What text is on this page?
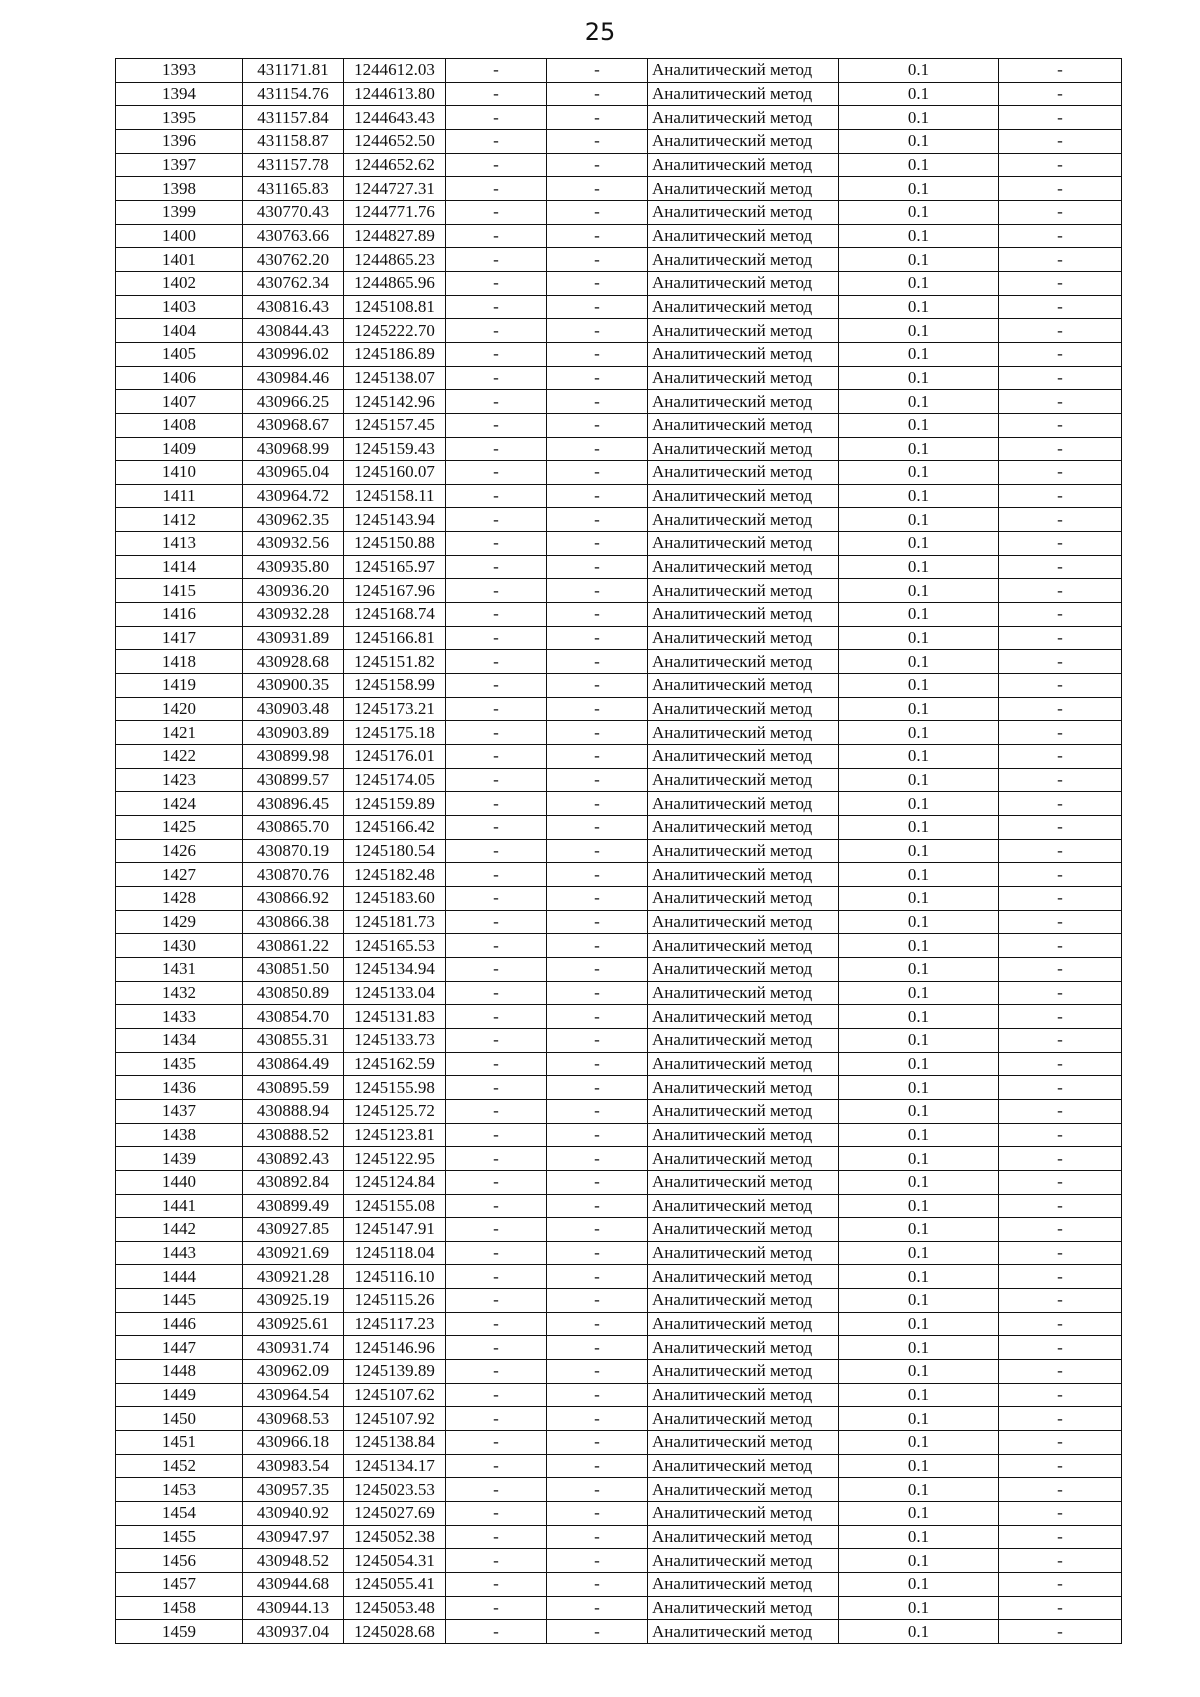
25
1393	431171.81	1244612.03	-	-	Аналитический метод	0.1	-
1394	431154.76	1244613.80	-	-	Аналитический метод	0.1	-
1395	431157.84	1244643.43	-	-	Аналитический метод	0.1	-
1396	431158.87	1244652.50	-	-	Аналитический метод	0.1	-
1397	431157.78	1244652.62	-	-	Аналитический метод	0.1	-
1398	431165.83	1244727.31	-	-	Аналитический метод	0.1	-
1399	430770.43	1244771.76	-	-	Аналитический метод	0.1	-
1400	430763.66	1244827.89	-	-	Аналитический метод	0.1	-
1401	430762.20	1244865.23	-	-	Аналитический метод	0.1	-
1402	430762.34	1244865.96	-	-	Аналитический метод	0.1	-
1403	430816.43	1245108.81	-	-	Аналитический метод	0.1	-
1404	430844.43	1245222.70	-	-	Аналитический метод	0.1	-
1405	430996.02	1245186.89	-	-	Аналитический метод	0.1	-
1406	430984.46	1245138.07	-	-	Аналитический метод	0.1	-
1407	430966.25	1245142.96	-	-	Аналитический метод	0.1	-
1408	430968.67	1245157.45	-	-	Аналитический метод	0.1	-
1409	430968.99	1245159.43	-	-	Аналитический метод	0.1	-
1410	430965.04	1245160.07	-	-	Аналитический метод	0.1	-
1411	430964.72	1245158.11	-	-	Аналитический метод	0.1	-
1412	430962.35	1245143.94	-	-	Аналитический метод	0.1	-
1413	430932.56	1245150.88	-	-	Аналитический метод	0.1	-
1414	430935.80	1245165.97	-	-	Аналитический метод	0.1	-
1415	430936.20	1245167.96	-	-	Аналитический метод	0.1	-
1416	430932.28	1245168.74	-	-	Аналитический метод	0.1	-
1417	430931.89	1245166.81	-	-	Аналитический метод	0.1	-
1418	430928.68	1245151.82	-	-	Аналитический метод	0.1	-
1419	430900.35	1245158.99	-	-	Аналитический метод	0.1	-
1420	430903.48	1245173.21	-	-	Аналитический метод	0.1	-
1421	430903.89	1245175.18	-	-	Аналитический метод	0.1	-
1422	430899.98	1245176.01	-	-	Аналитический метод	0.1	-
1423	430899.57	1245174.05	-	-	Аналитический метод	0.1	-
1424	430896.45	1245159.89	-	-	Аналитический метод	0.1	-
1425	430865.70	1245166.42	-	-	Аналитический метод	0.1	-
1426	430870.19	1245180.54	-	-	Аналитический метод	0.1	-
1427	430870.76	1245182.48	-	-	Аналитический метод	0.1	-
1428	430866.92	1245183.60	-	-	Аналитический метод	0.1	-
1429	430866.38	1245181.73	-	-	Аналитический метод	0.1	-
1430	430861.22	1245165.53	-	-	Аналитический метод	0.1	-
1431	430851.50	1245134.94	-	-	Аналитический метод	0.1	-
1432	430850.89	1245133.04	-	-	Аналитический метод	0.1	-
1433	430854.70	1245131.83	-	-	Аналитический метод	0.1	-
1434	430855.31	1245133.73	-	-	Аналитический метод	0.1	-
1435	430864.49	1245162.59	-	-	Аналитический метод	0.1	-
1436	430895.59	1245155.98	-	-	Аналитический метод	0.1	-
1437	430888.94	1245125.72	-	-	Аналитический метод	0.1	-
1438	430888.52	1245123.81	-	-	Аналитический метод	0.1	-
1439	430892.43	1245122.95	-	-	Аналитический метод	0.1	-
1440	430892.84	1245124.84	-	-	Аналитический метод	0.1	-
1441	430899.49	1245155.08	-	-	Аналитический метод	0.1	-
1442	430927.85	1245147.91	-	-	Аналитический метод	0.1	-
1443	430921.69	1245118.04	-	-	Аналитический метод	0.1	-
1444	430921.28	1245116.10	-	-	Аналитический метод	0.1	-
1445	430925.19	1245115.26	-	-	Аналитический метод	0.1	-
1446	430925.61	1245117.23	-	-	Аналитический метод	0.1	-
1447	430931.74	1245146.96	-	-	Аналитический метод	0.1	-
1448	430962.09	1245139.89	-	-	Аналитический метод	0.1	-
1449	430964.54	1245107.62	-	-	Аналитический метод	0.1	-
1450	430968.53	1245107.92	-	-	Аналитический метод	0.1	-
1451	430966.18	1245138.84	-	-	Аналитический метод	0.1	-
1452	430983.54	1245134.17	-	-	Аналитический метод	0.1	-
1453	430957.35	1245023.53	-	-	Аналитический метод	0.1	-
1454	430940.92	1245027.69	-	-	Аналитический метод	0.1	-
1455	430947.97	1245052.38	-	-	Аналитический метод	0.1	-
1456	430948.52	1245054.31	-	-	Аналитический метод	0.1	-
1457	430944.68	1245055.41	-	-	Аналитический метод	0.1	-
1458	430944.13	1245053.48	-	-	Аналитический метод	0.1	-
1459	430937.04	1245028.68	-	-	Аналитический метод	0.1	-
